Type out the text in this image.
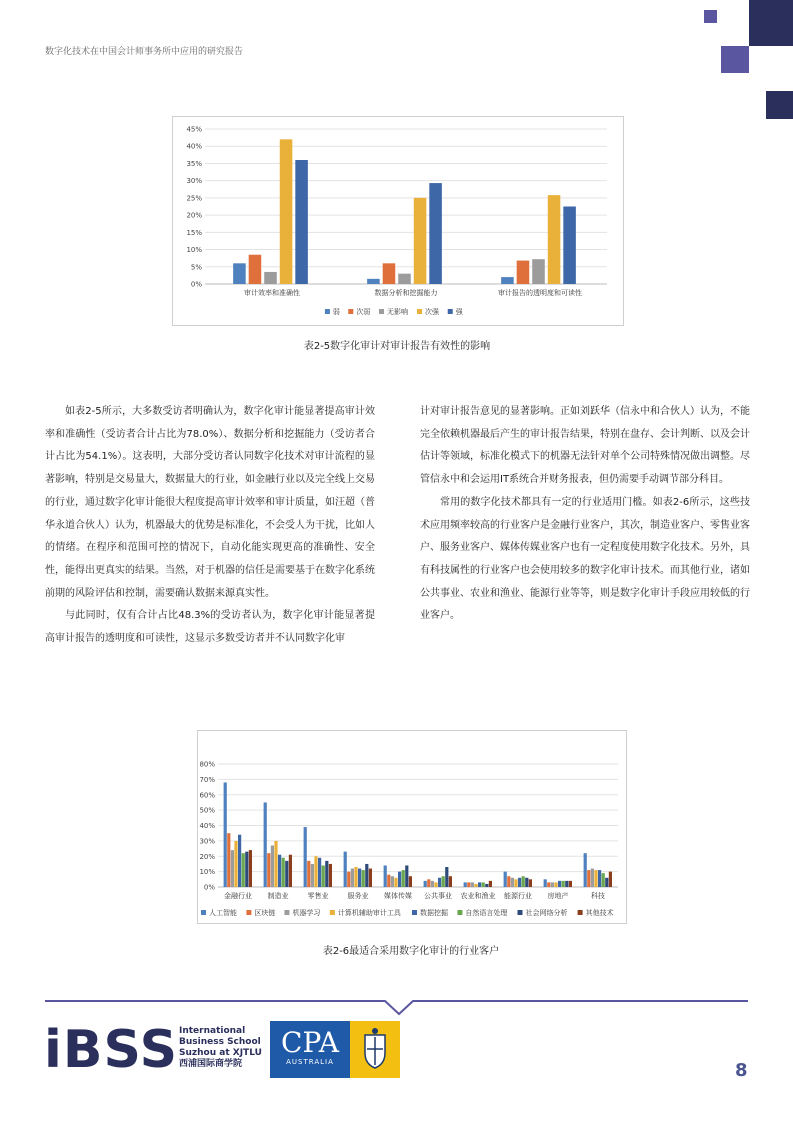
数字化技术在中国会计师事务所中应用的研究报告
0%
5%
10%
15%
20%
25%
30%
35%
40%
45%
审计效率和准确性	数据分析和挖掘能力	审计报告的透明度和可读性
弱 次弱 无影响 次强 强
表2-5数字化审计对审计报告有效性的影响

如表2-5所示，大多数受访者明确认为，数字化审计能显著提高审计效率和准确性（受访者合计占比为78.0%）、数据分析和挖掘能力（受访者合计占比为54.1%）。这表明，大部分受访者认同数字化技术对审计流程的显著影响，特别是交易量大，数据量大的行业，如金融行业以及完全线上交易的行业，通过数字化审计能很大程度提高审计效率和审计质量，如汪超（普华永道合伙人）认为，机器最大的优势是标准化，不会受人为干扰，比如人的情绪。在程序和范围可控的情况下，自动化能实现更高的准确性、安全性，能得出更真实的结果。当然，对于机器的信任是需要基于在数字化系统前期的风险评估和控制，需要确认数据来源真实性。

与此同时，仅有合计占比48.3%的受访者认为，数字化审计能显著提高审计报告的透明度和可读性，这显示多数受访者并不认同数字化审

计对审计报告意见的显著影响。正如刘跃华（信永中和合伙人）认为，不能完全依赖机器最后产生的审计报告结果，特别在盘存、会计判断、以及会计估计等领域，标准化模式下的机器无法针对单个公司特殊情况做出调整。尽管信永中和会运用IT系统合并财务报表，但仍需要手动调节部分科目。

常用的数字化技术都具有一定的行业适用门槛。如表2-6所示，这些技术应用频率较高的行业客户是金融行业客户，其次，制造业客户、零售业客户、服务业客户、媒体传媒业客户也有一定程度使用数字化技术。另外，具有科技属性的行业客户也会使用较多的数字化审计技术。而其他行业，诸如公共事业、农业和渔业、能源行业等等，则是数字化审计手段应用较低的行业客户。

0%
10%
20%
30%
40%
50%
60%
70%
80%
金融行业 制造业	零售业	服务业 媒体传媒 公共事业 农业和渔业 能源行业 房地产	科技
人工智能 区块链 机器学习 计算机辅助审计工具	数据挖掘 自然语言处理	社会网络分析	其他技术
表2-6最适合采用数字化审计的行业客户
iBSS International
Business School
Suzhou at XJTLU
西浦国际商学院
CPA
AUSTRALIA	8
